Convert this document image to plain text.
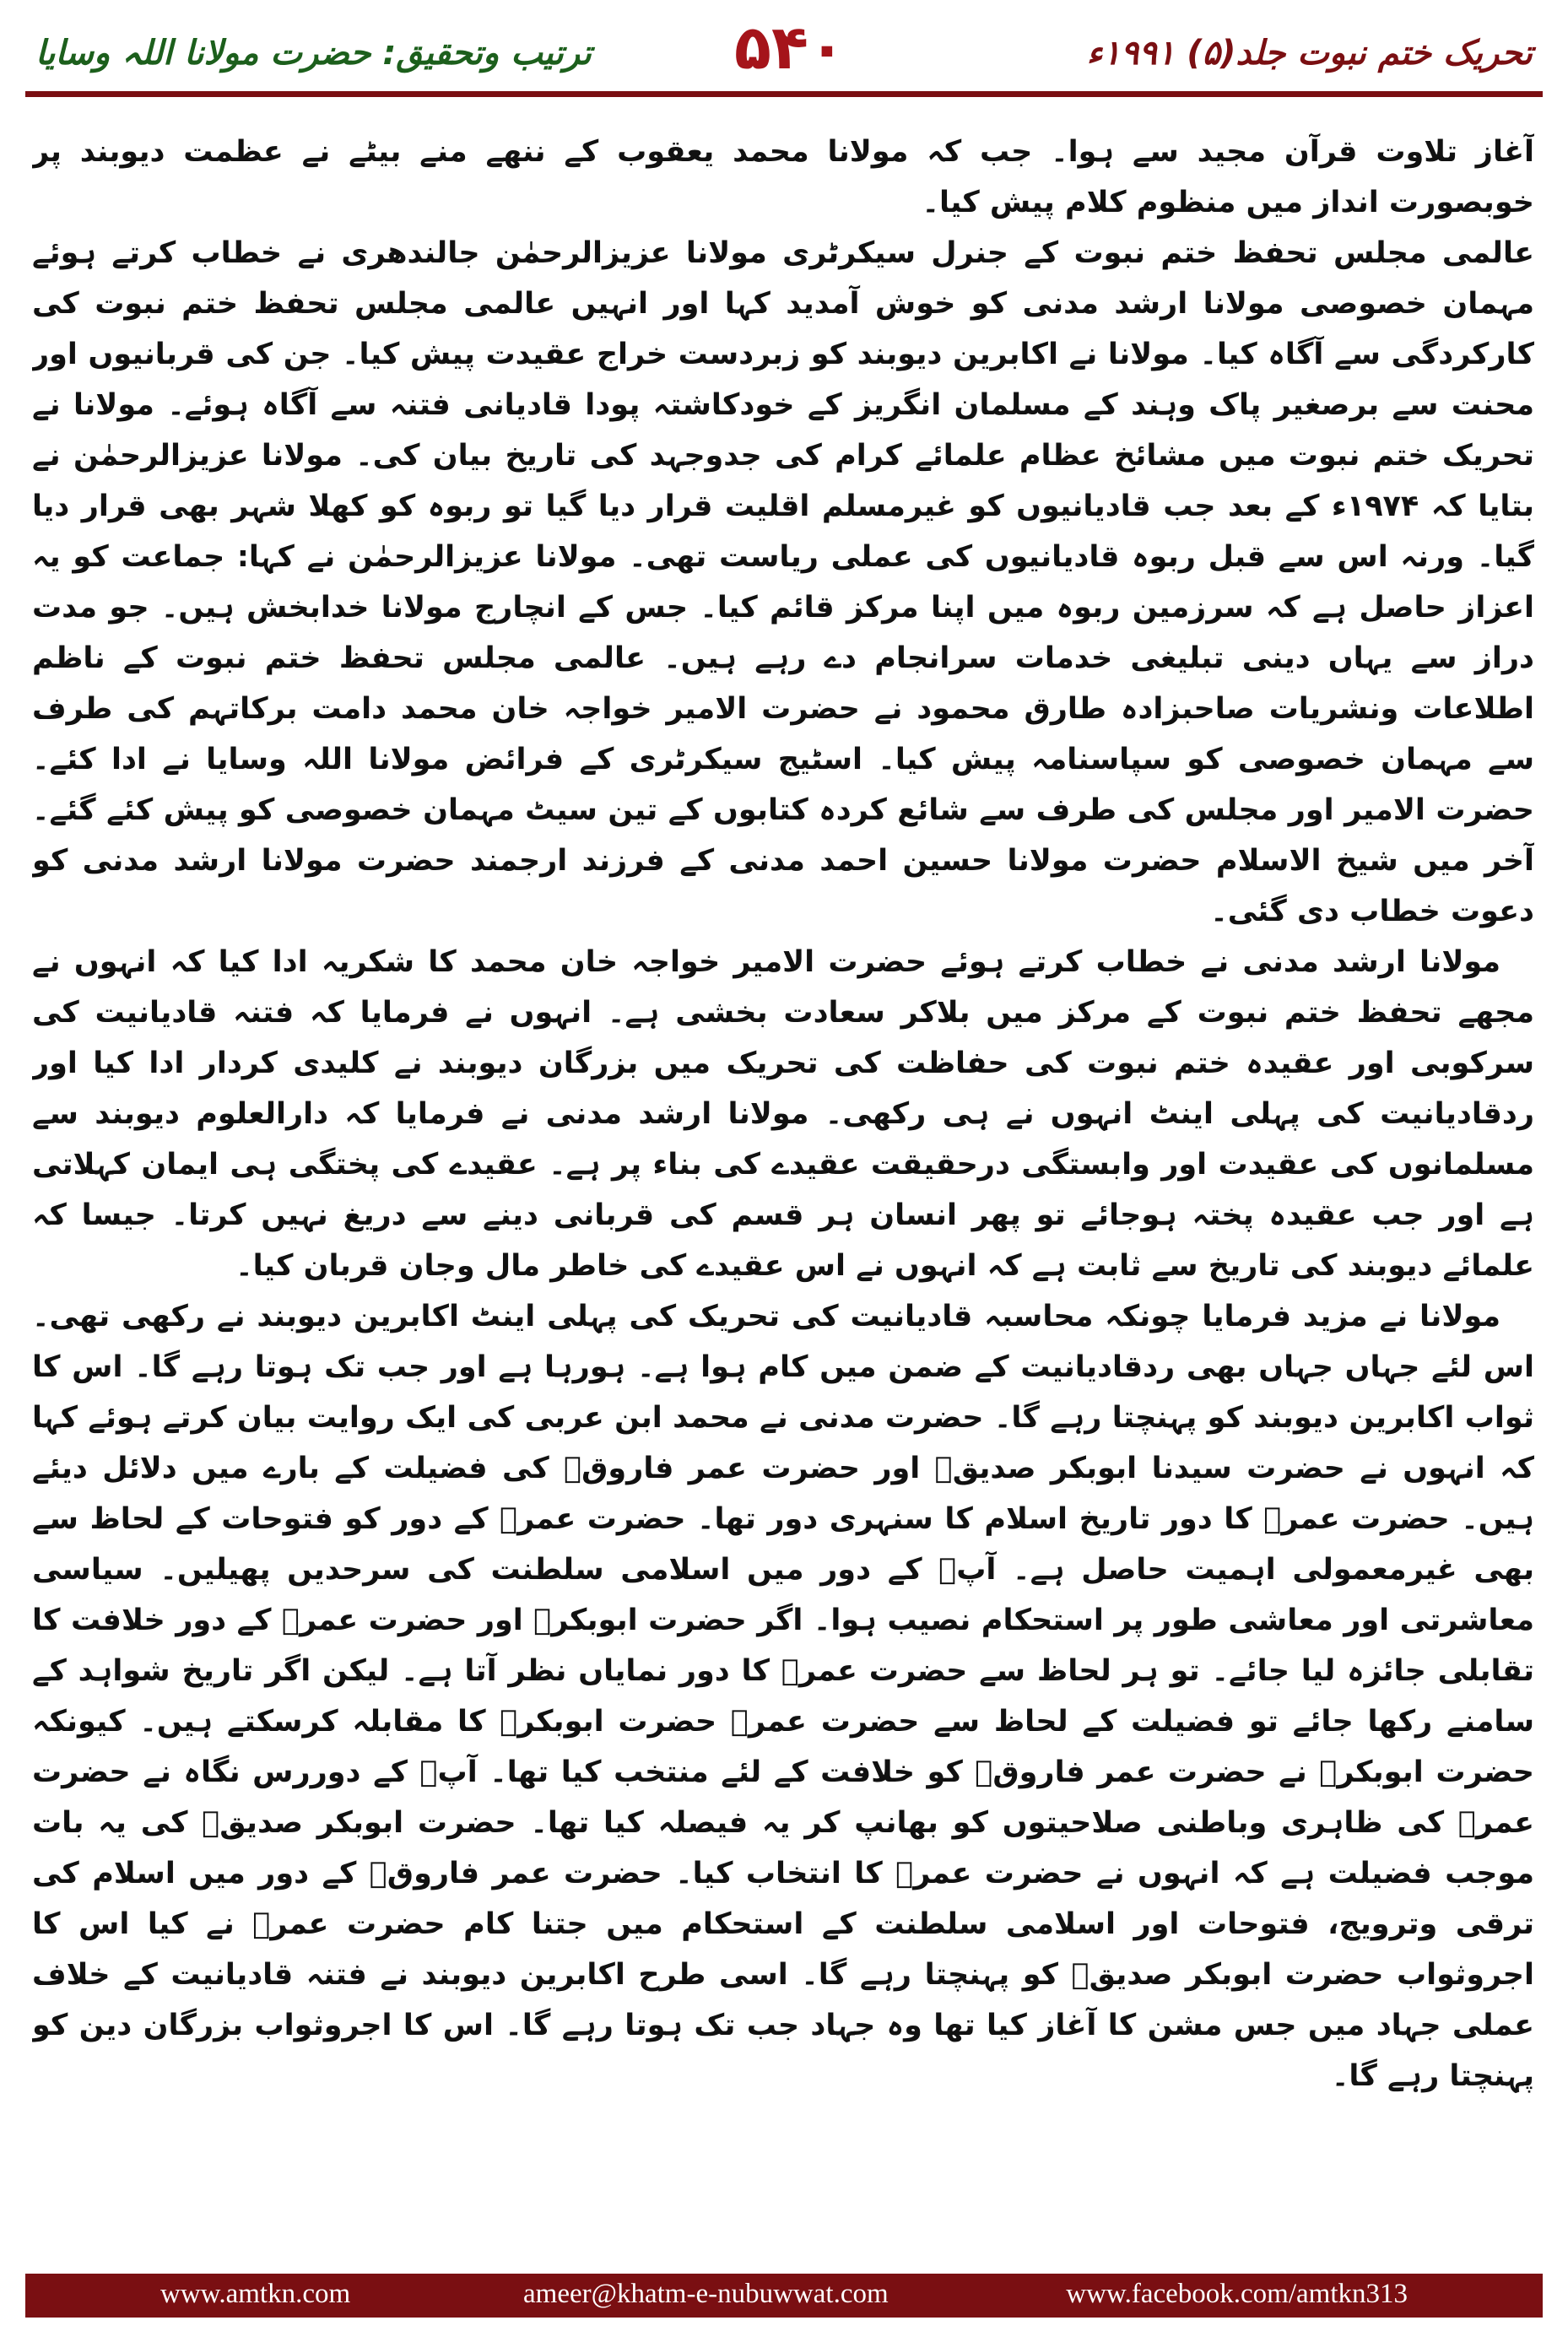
تحریک ختم نبوت جلد(۵) ۱۹۹۱ء
۵۴۰
ترتیب وتحقیق: حضرت مولانا اللہ وسایا

آغاز تلاوت قرآن مجید سے ہوا۔ جب کہ مولانا محمد یعقوب کے ننھے منے بیٹے نے عظمت دیوبند پر خوبصورت انداز میں منظوم کلام پیش کیا۔

عالمی مجلس تحفظ ختم نبوت کے جنرل سیکرٹری مولانا عزیزالرحمٰن جالندھری نے خطاب کرتے ہوئے مہمان خصوصی مولانا ارشد مدنی کو خوش آمدید کہا اور انہیں عالمی مجلس تحفظ ختم نبوت کی کارکردگی سے آگاہ کیا۔ مولانا نے اکابرین دیوبند کو زبردست خراج عقیدت پیش کیا۔ جن کی قربانیوں اور محنت سے برصغیر پاک وہند کے مسلمان انگریز کے خودکاشتہ پودا قادیانی فتنہ سے آگاہ ہوئے۔ مولانا نے تحریک ختم نبوت میں مشائخ عظام علمائے کرام کی جدوجہد کی تاریخ بیان کی۔ مولانا عزیزالرحمٰن نے بتایا کہ ۱۹۷۴ء کے بعد جب قادیانیوں کو غیرمسلم اقلیت قرار دیا گیا تو ربوہ کو کھلا شہر بھی قرار دیا گیا۔ ورنہ اس سے قبل ربوہ قادیانیوں کی عملی ریاست تھی۔ مولانا عزیزالرحمٰن نے کہا: جماعت کو یہ اعزاز حاصل ہے کہ سرزمین ربوہ میں اپنا مرکز قائم کیا۔ جس کے انچارج مولانا خدابخش ہیں۔ جو مدت دراز سے یہاں دینی تبلیغی خدمات سرانجام دے رہے ہیں۔ عالمی مجلس تحفظ ختم نبوت کے ناظم اطلاعات ونشریات صاحبزادہ طارق محمود نے حضرت الامیر خواجہ خان محمد دامت برکاتہم کی طرف سے مہمان خصوصی کو سپاسنامہ پیش کیا۔ اسٹیج سیکرٹری کے فرائض مولانا اللہ وسایا نے ادا کئے۔ حضرت الامیر اور مجلس کی طرف سے شائع کردہ کتابوں کے تین سیٹ مہمان خصوصی کو پیش کئے گئے۔ آخر میں شیخ الاسلام حضرت مولانا حسین احمد مدنی کے فرزند ارجمند حضرت مولانا ارشد مدنی کو دعوت خطاب دی گئی۔

مولانا ارشد مدنی نے خطاب کرتے ہوئے حضرت الامیر خواجہ خان محمد کا شکریہ ادا کیا کہ انہوں نے مجھے تحفظ ختم نبوت کے مرکز میں بلاکر سعادت بخشی ہے۔ انہوں نے فرمایا کہ فتنہ قادیانیت کی سرکوبی اور عقیدہ ختم نبوت کی حفاظت کی تحریک میں بزرگان دیوبند نے کلیدی کردار ادا کیا اور ردقادیانیت کی پہلی اینٹ انہوں نے ہی رکھی۔ مولانا ارشد مدنی نے فرمایا کہ دارالعلوم دیوبند سے مسلمانوں کی عقیدت اور وابستگی درحقیقت عقیدے کی بناء پر ہے۔ عقیدے کی پختگی ہی ایمان کہلاتی ہے اور جب عقیدہ پختہ ہوجائے تو پھر انسان ہر قسم کی قربانی دینے سے دریغ نہیں کرتا۔ جیسا کہ علمائے دیوبند کی تاریخ سے ثابت ہے کہ انہوں نے اس عقیدے کی خاطر مال وجان قربان کیا۔

مولانا نے مزید فرمایا چونکہ محاسبہ قادیانیت کی تحریک کی پہلی اینٹ اکابرین دیوبند نے رکھی تھی۔ اس لئے جہاں جہاں بھی ردقادیانیت کے ضمن میں کام ہوا ہے۔ ہورہا ہے اور جب تک ہوتا رہے گا۔ اس کا ثواب اکابرین دیوبند کو پہنچتا رہے گا۔ حضرت مدنی نے محمد ابن عربی کی ایک روایت بیان کرتے ہوئے کہا کہ انہوں نے حضرت سیدنا ابوبکر صدیقؓ اور حضرت عمر فاروقؓ کی فضیلت کے بارے میں دلائل دیئے ہیں۔ حضرت عمرؓ کا دور تاریخ اسلام کا سنہری دور تھا۔ حضرت عمرؓ کے دور کو فتوحات کے لحاظ سے بھی غیرمعمولی اہمیت حاصل ہے۔ آپؓ کے دور میں اسلامی سلطنت کی سرحدیں پھیلیں۔ سیاسی معاشرتی اور معاشی طور پر استحکام نصیب ہوا۔ اگر حضرت ابوبکرؓ اور حضرت عمرؓ کے دور خلافت کا تقابلی جائزہ لیا جائے۔ تو ہر لحاظ سے حضرت عمرؓ کا دور نمایاں نظر آتا ہے۔ لیکن اگر تاریخ شواہد کے سامنے رکھا جائے تو فضیلت کے لحاظ سے حضرت عمرؓ حضرت ابوبکرؓ کا مقابلہ کرسکتے ہیں۔ کیونکہ حضرت ابوبکرؓ نے حضرت عمر فاروقؓ کو خلافت کے لئے منتخب کیا تھا۔ آپؓ کے دوررس نگاہ نے حضرت عمرؓ کی ظاہری وباطنی صلاحیتوں کو بھانپ کر یہ فیصلہ کیا تھا۔ حضرت ابوبکر صدیقؓ کی یہ بات موجب فضیلت ہے کہ انہوں نے حضرت عمرؓ کا انتخاب کیا۔ حضرت عمر فاروقؓ کے دور میں اسلام کی ترقی وترویج، فتوحات اور اسلامی سلطنت کے استحکام میں جتنا کام حضرت عمرؓ نے کیا اس کا اجروثواب حضرت ابوبکر صدیقؓ کو پہنچتا رہے گا۔ اسی طرح اکابرین دیوبند نے فتنہ قادیانیت کے خلاف عملی جہاد میں جس مشن کا آغاز کیا تھا وہ جہاد جب تک ہوتا رہے گا۔ اس کا اجروثواب بزرگان دین کو پہنچتا رہے گا۔

www.amtkn.com	ameer@khatm-e-nubuwwat.com	www.facebook.com/amtkn313
